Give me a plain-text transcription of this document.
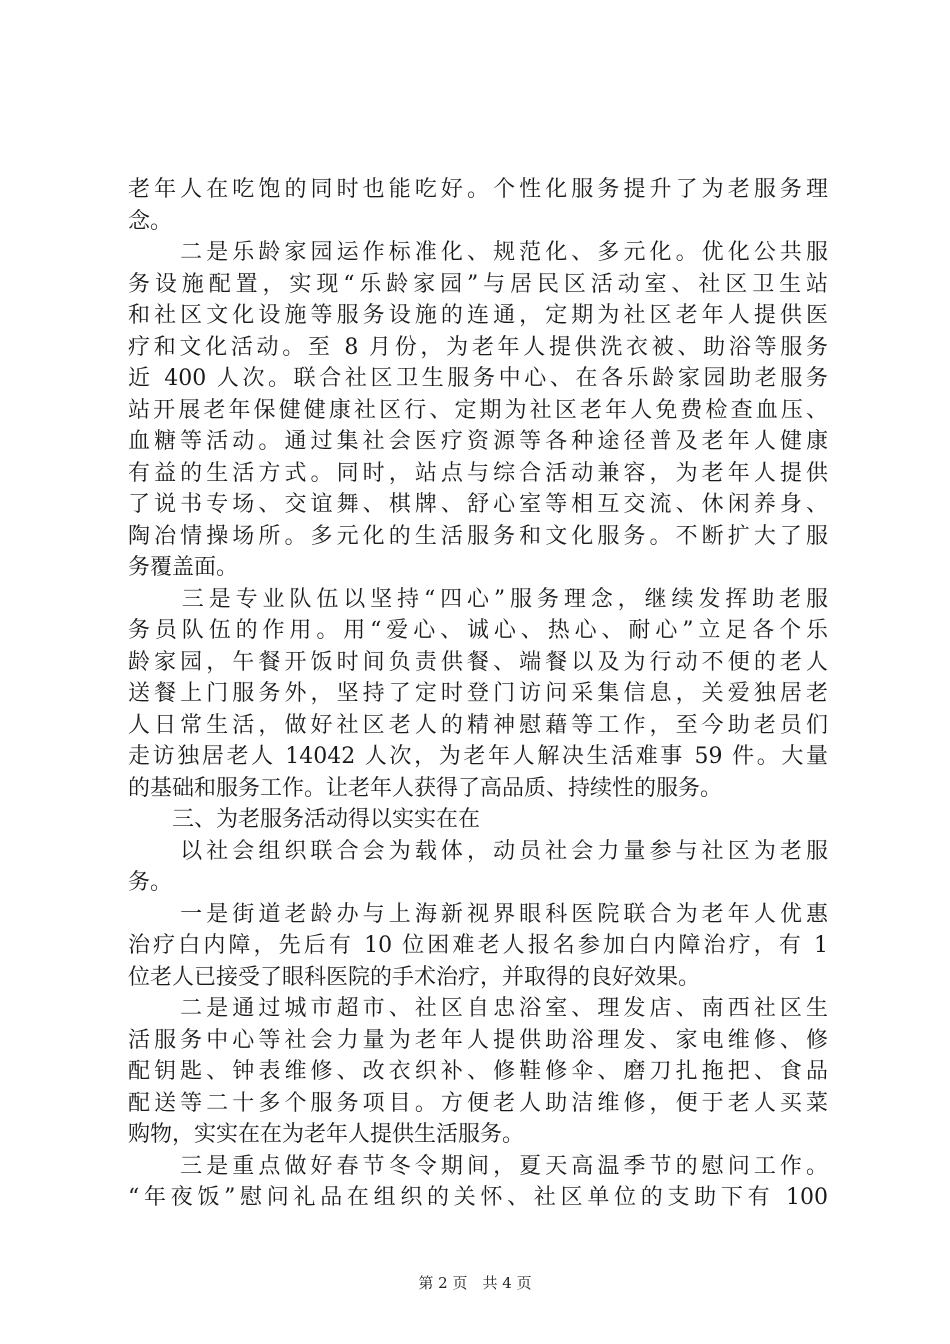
老年人在吃饱的同时也能吃好。个性化服务提升了为老服务理
念。
　　二是乐龄家园运作标准化、规范化、多元化。优化公共服
务设施配置，实现“乐龄家园”与居民区活动室、社区卫生站
和社区文化设施等服务设施的连通，定期为社区老年人提供医
疗和文化活动。至 8 月份，为老年人提供洗衣被、助浴等服务
近 400 人次。联合社区卫生服务中心、在各乐龄家园助老服务
站开展老年保健健康社区行、定期为社区老年人免费检查血压、
血糖等活动。通过集社会医疗资源等各种途径普及老年人健康
有益的生活方式。同时，站点与综合活动兼容，为老年人提供
了说书专场、交谊舞、棋牌、舒心室等相互交流、休闲养身、
陶冶情操场所。多元化的生活服务和文化服务。不断扩大了服
务覆盖面。
　　三是专业队伍以坚持“四心”服务理念，继续发挥助老服
务员队伍的作用。用“爱心、诚心、热心、耐心”立足各个乐
龄家园，午餐开饭时间负责供餐、端餐以及为行动不便的老人
送餐上门服务外，坚持了定时登门访问采集信息，关爱独居老
人日常生活，做好社区老人的精神慰藉等工作，至今助老员们
走访独居老人 14042 人次，为老年人解决生活难事 59 件。大量
的基础和服务工作。让老年人获得了高品质、持续性的服务。
　　三、为老服务活动得以实实在在
　　以社会组织联合会为载体，动员社会力量参与社区为老服
务。
　　一是街道老龄办与上海新视界眼科医院联合为老年人优惠
治疗白内障，先后有 10 位困难老人报名参加白内障治疗，有 1
位老人已接受了眼科医院的手术治疗，并取得的良好效果。
　　二是通过城市超市、社区自忠浴室、理发店、南西社区生
活服务中心等社会力量为老年人提供助浴理发、家电维修、修
配钥匙、钟表维修、改衣织补、修鞋修伞、磨刀扎拖把、食品
配送等二十多个服务项目。方便老人助洁维修，便于老人买菜
购物，实实在在为老年人提供生活服务。
　　三是重点做好春节冬令期间，夏天高温季节的慰问工作。
“年夜饭”慰问礼品在组织的关怀、社区单位的支助下有 100
第 2 页　共 4 页
